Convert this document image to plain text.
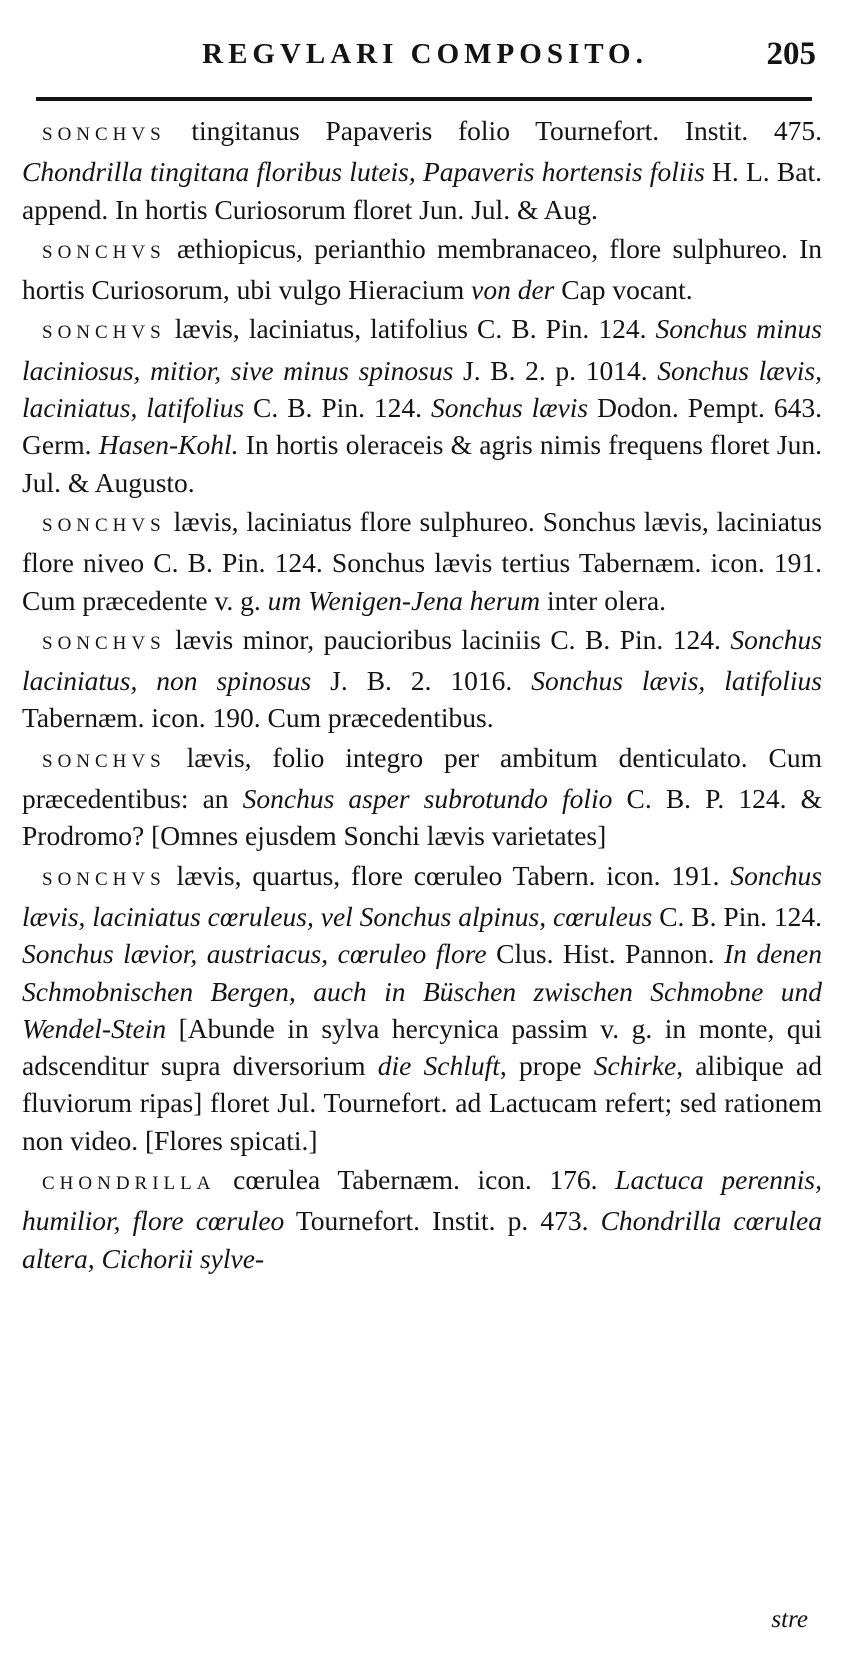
REGVLARI COMPOSITO.	205

SONCHVS tingitanus Papaveris folio Tournefort. Instit. 475. Chondrilla tingitana floribus luteis, Papaveris hortensis foliis H. L. Bat. append. In hortis Curiosorum floret Jun. Jul. & Aug.

SONCHVS æthiopicus, perianthio membranaceo, flore sulphureo. In hortis Curiosorum, ubi vulgo Hieracium von der Cap vocant.

SONCHVS lævis, laciniatus, latifolius C. B. Pin. 124. Sonchus minus laciniosus, mitior, sive minus spinosus J. B. 2. p. 1014. Sonchus lævis, laciniatus, latifolius C. B. Pin. 124. Sonchus lævis Dodon. Pempt. 643. Germ. Hasen-Kohl. In hortis oleraceis & agris nimis frequens floret Jun. Jul. & Augusto.

SONCHVS lævis, laciniatus flore sulphureo. Sonchus lævis, laciniatus flore niveo C. B. Pin. 124. Sonchus lævis tertius Tabernæm. icon. 191. Cum præcedente v. g. um Wenigen-Jena herum inter olera.

SONCHVS lævis minor, paucioribus laciniis C. B. Pin. 124. Sonchus laciniatus, non spinosus J. B. 2. 1016. Sonchus lævis, latifolius Tabernæm. icon. 190. Cum præcedentibus.

SONCHVS lævis, folio integro per ambitum denticulato. Cum præcedentibus: an Sonchus asper subrotundo folio C. B. P. 124. & Prodromo? [Omnes ejusdem Sonchi lævis varietates]

SONCHVS lævis, quartus, flore cœruleo Tabern. icon. 191. Sonchus lævis, laciniatus cœruleus, vel Sonchus alpinus, cœruleus C. B. Pin. 124. Sonchus lævior, austriacus, cœruleo flore Clus. Hist. Pannon. In denen Schmobnischen Bergen, auch in Büschen zwischen Schmobne und Wendel-Stein [Abunde in sylva hercynica passim v. g. in monte, qui adscenditur supra diversorium die Schluft, prope Schirke, alibique ad fluviorum ripas] floret Jul. Tournefort. ad Lactucam refert; sed rationem non video. [Flores spicati.]

CHONDRILLA cœrulea Tabernæm. icon. 176. Lactuca perennis, humilior, flore cœruleo Tournefort. Instit. p. 473. Chondrilla cœrulea altera, Cichorii sylve-

stre
